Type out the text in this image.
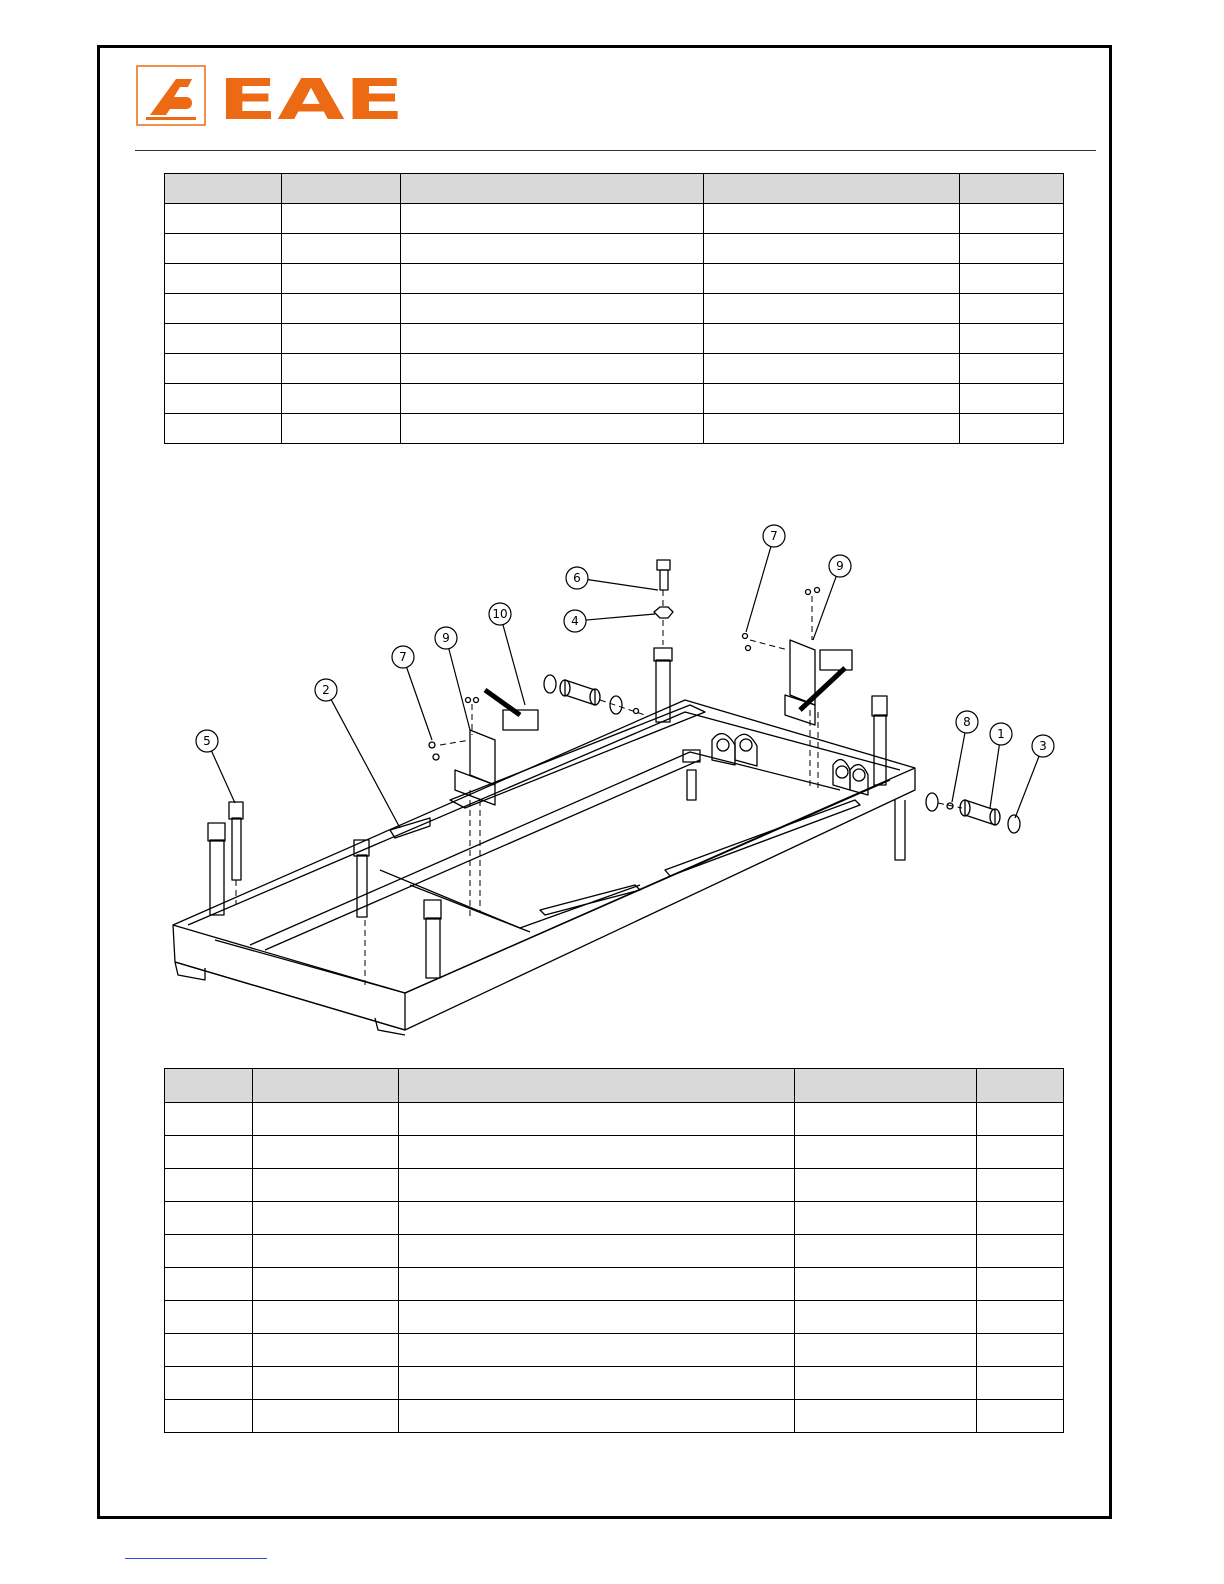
EAE

1
2
3
4
5
6
7
7
8
9
9
10
